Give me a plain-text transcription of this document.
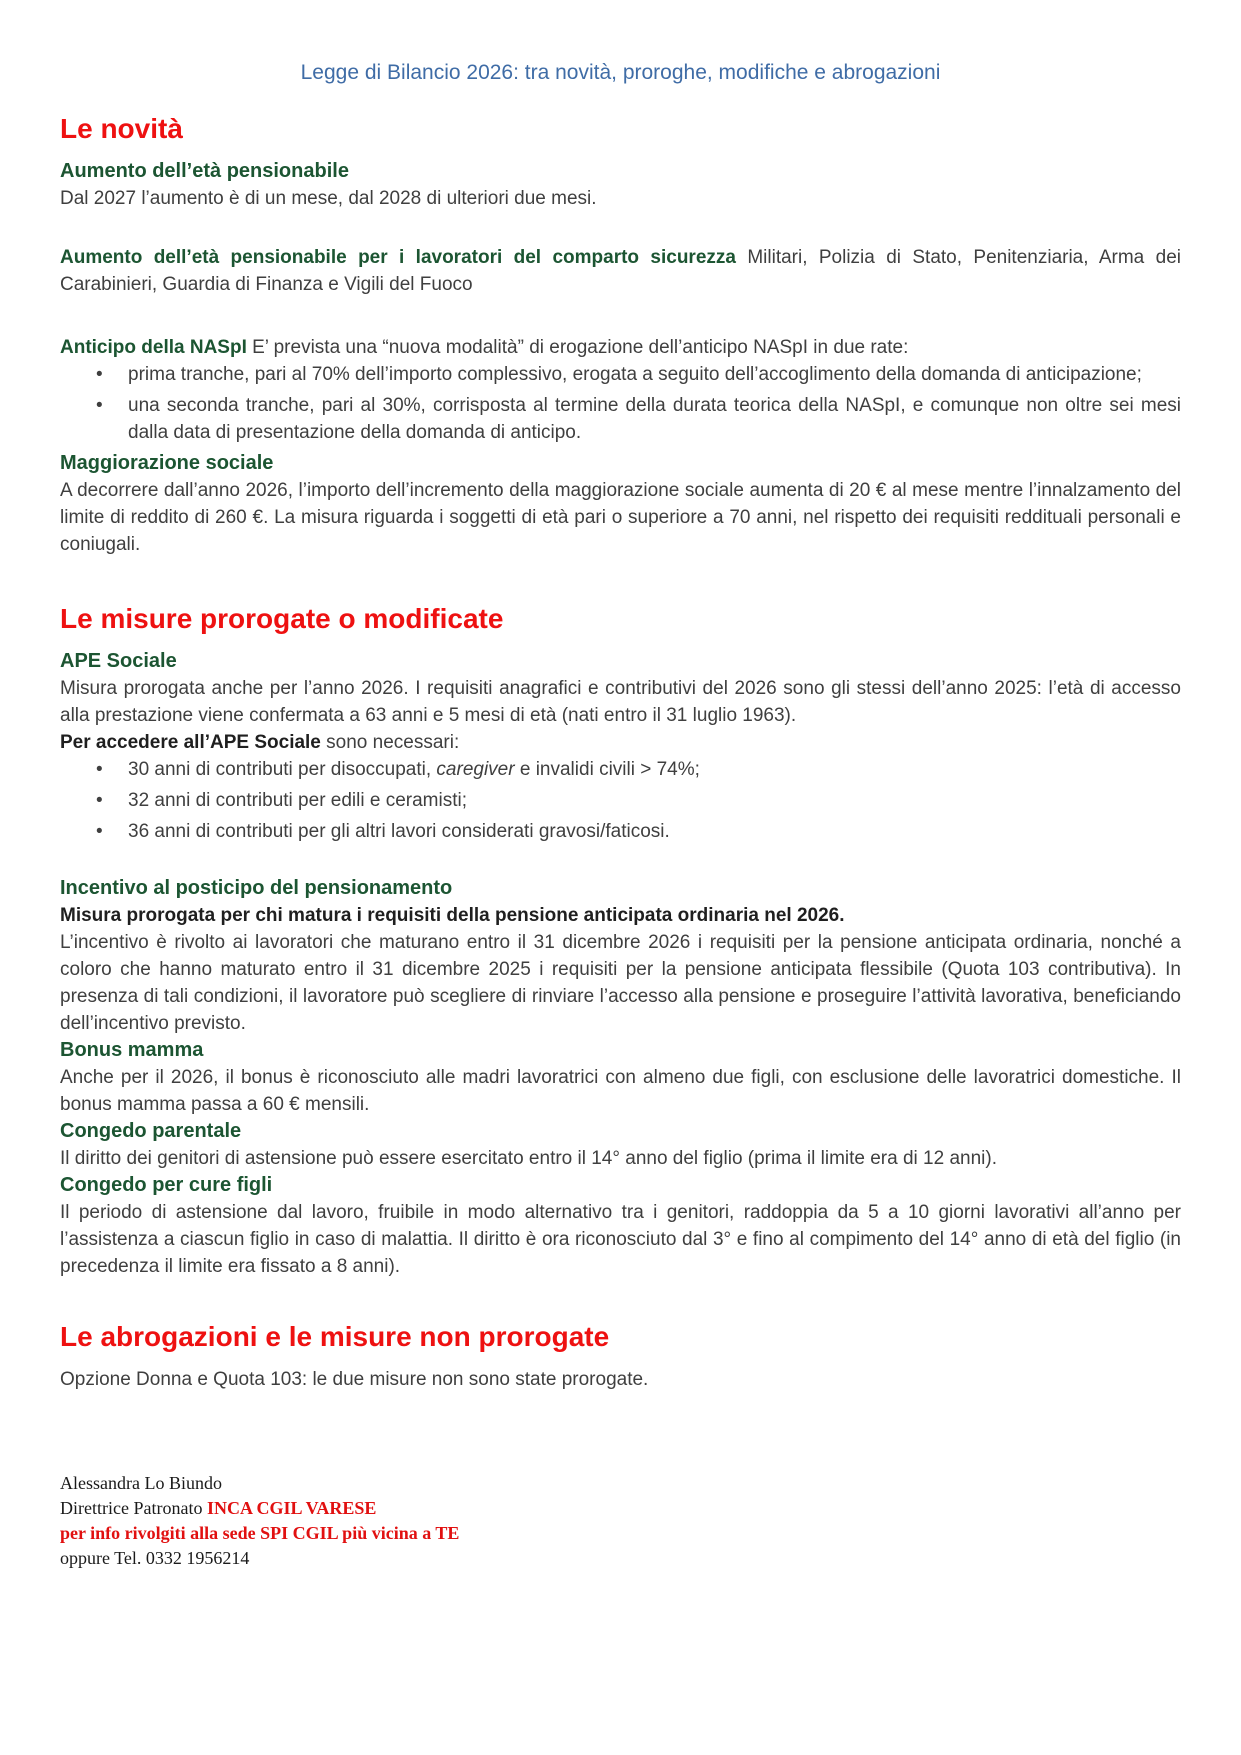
Legge di Bilancio 2026: tra novità, proroghe, modifiche e abrogazioni
Le novità

Aumento dell’età pensionabile

Dal 2027 l’aumento è di un mese, dal 2028 di ulteriori due mesi.

Aumento dell’età pensionabile per i lavoratori del comparto sicurezza Militari, Polizia di Stato, Penitenziaria, Arma dei Carabinieri, Guardia di Finanza e Vigili del Fuoco

Anticipo della NASpI E’ prevista una “nuova modalità” di erogazione dell’anticipo NASpI in due rate:

•	prima tranche, pari al 70% dell’importo complessivo, erogata a seguito dell’accoglimento della domanda di anticipazione;
•	una seconda tranche, pari al 30%, corrisposta al termine della durata teorica della NASpI, e comunque non oltre sei mesi dalla data di presentazione della domanda di anticipo.

Maggiorazione sociale

A decorrere dall’anno 2026, l’importo dell’incremento della maggiorazione sociale aumenta di 20 € al mese mentre l’innalzamento del limite di reddito di 260 €. La misura riguarda i soggetti di età pari o superiore a 70 anni, nel rispetto dei requisiti reddituali personali e coniugali.

Le misure prorogate o modificate

APE Sociale

Misura prorogata anche per l’anno 2026. I requisiti anagrafici e contributivi del 2026 sono gli stessi dell’anno 2025: l’età di accesso alla prestazione viene confermata a 63 anni e 5 mesi di età (nati entro il 31 luglio 1963).

Per accedere all’APE Sociale sono necessari:

•	30 anni di contributi per disoccupati, caregiver e invalidi civili > 74%;
•	32 anni di contributi per edili e ceramisti;
•	36 anni di contributi per gli altri lavori considerati gravosi/faticosi.

Incentivo al posticipo del pensionamento

Misura prorogata per chi matura i requisiti della pensione anticipata ordinaria nel 2026.

L’incentivo è rivolto ai lavoratori che maturano entro il 31 dicembre 2026 i requisiti per la pensione anticipata ordinaria, nonché a coloro che hanno maturato entro il 31 dicembre 2025 i requisiti per la pensione anticipata flessibile (Quota 103 contributiva). In presenza di tali condizioni, il lavoratore può scegliere di rinviare l’accesso alla pensione e proseguire l’attività lavorativa, beneficiando dell’incentivo previsto.

Bonus mamma

Anche per il 2026, il bonus è riconosciuto alle madri lavoratrici con almeno due figli, con esclusione delle lavoratrici domestiche. Il bonus mamma passa a 60 € mensili.

Congedo parentale

Il diritto dei genitori di astensione può essere esercitato entro il 14° anno del figlio (prima il limite era di 12 anni).

Congedo per cure figli

Il periodo di astensione dal lavoro, fruibile in modo alternativo tra i genitori, raddoppia da 5 a 10 giorni lavorativi all’anno per l’assistenza a ciascun figlio in caso di malattia. Il diritto è ora riconosciuto dal 3° e fino al compimento del 14° anno di età del figlio (in precedenza il limite era fissato a 8 anni).

Le abrogazioni e le misure non prorogate

Opzione Donna e Quota 103: le due misure non sono state prorogate.

Alessandra Lo Biundo
Direttrice Patronato INCA CGIL VARESE
per info rivolgiti alla sede SPI CGIL più vicina a TE
oppure Tel. 0332 1956214
